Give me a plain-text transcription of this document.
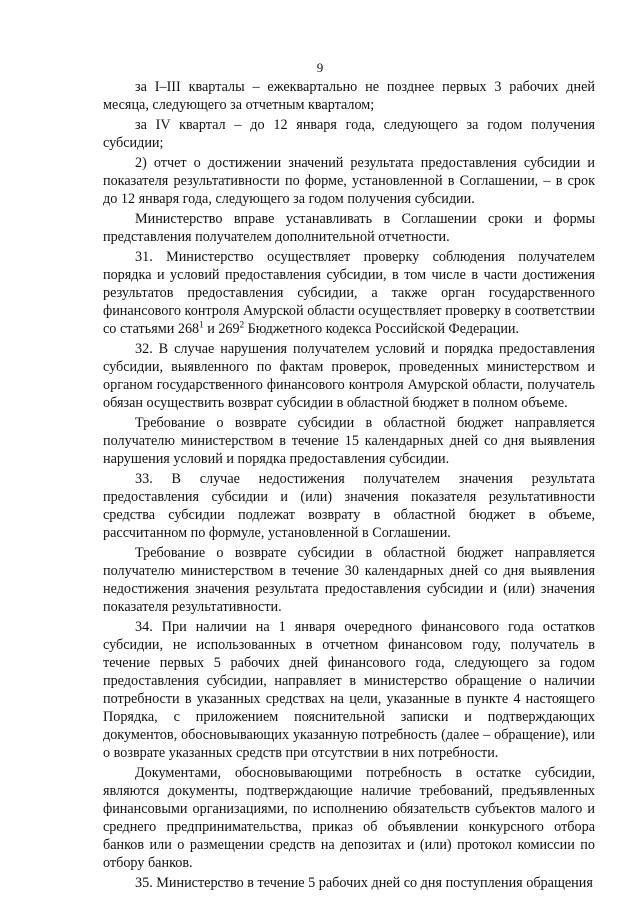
9

за I–III кварталы – ежеквартально не позднее первых 3 рабочих дней месяца, следующего за отчетным кварталом;

за IV квартал – до 12 января года, следующего за годом получения субсидии;

2) отчет о достижении значений результата предоставления субсидии и показателя результативности по форме, установленной в Соглашении, – в срок до 12 января года, следующего за годом получения субсидии.

Министерство вправе устанавливать в Соглашении сроки и формы представления получателем дополнительной отчетности.

31. Министерство осуществляет проверку соблюдения получателем порядка и условий предоставления субсидии, в том числе в части достижения результатов предоставления субсидии, а также орган государственного финансового контроля Амурской области осуществляет проверку в соответствии со статьями $268^1$ и $269^2$ Бюджетного кодекса Российской Федерации.

32. В случае нарушения получателем условий и порядка предоставления субсидии, выявленного по фактам проверок, проведенных министерством и органом государственного финансового контроля Амурской области, получатель обязан осуществить возврат субсидии в областной бюджет в полном объеме.

Требование о возврате субсидии в областной бюджет направляется получателю министерством в течение 15 календарных дней со дня выявления нарушения условий и порядка предоставления субсидии.

33. В случае недостижения получателем значения результата предоставления субсидии и (или) значения показателя результативности средства субсидии подлежат возврату в областной бюджет в объеме, рассчитанном по формуле, установленной в Соглашении.

Требование о возврате субсидии в областной бюджет направляется получателю министерством в течение 30 календарных дней со дня выявления недостижения значения результата предоставления субсидии и (или) значения показателя результативности.

34. При наличии на 1 января очередного финансового года остатков субсидии, не использованных в отчетном финансовом году, получатель в течение первых 5 рабочих дней финансового года, следующего за годом предоставления субсидии, направляет в министерство обращение о наличии потребности в указанных средствах на цели, указанные в пункте 4 настоящего Порядка, с приложением пояснительной записки и подтверждающих документов, обосновывающих указанную потребность (далее – обращение), или о возврате указанных средств при отсутствии в них потребности.

Документами, обосновывающими потребность в остатке субсидии, являются документы, подтверждающие наличие требований, предъявленных финансовыми организациями, по исполнению обязательств субъектов малого и среднего предпринимательства, приказ об объявлении конкурсного отбора банков или о размещении средств на депозитах и (или) протокол комиссии по отбору банков.

35. Министерство в течение 5 рабочих дней со дня поступления обращения
